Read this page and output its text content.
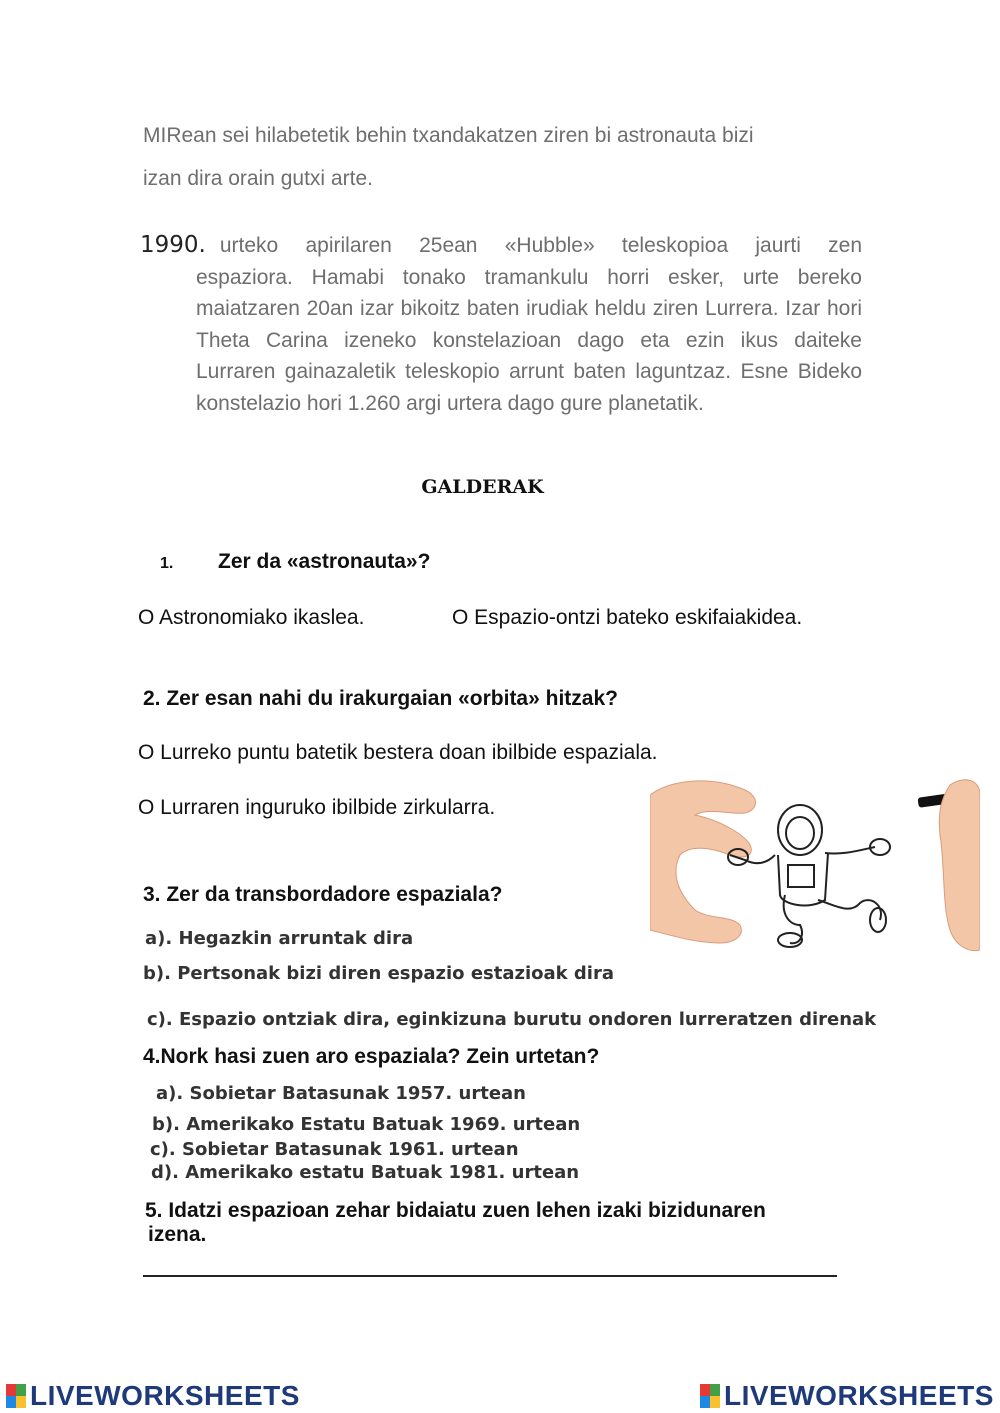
MIRean sei hilabetetik behin txandakatzen ziren bi astronauta bizi
izan dira orain gutxi arte.
1990. urteko apirilaren 25ean «Hubble» teleskopioa jaurti zen
espaziora. Hamabi tonako tramankulu horri esker, urte bereko maiatzaren 20an izar bikoitz baten irudiak heldu ziren Lurrera. Izar hori Theta Carina izeneko konstelazioan dago eta ezin ikus daiteke Lurraren gainazaletik teleskopio arrunt baten laguntzaz. Esne Bideko konstelazio hori 1.260 argi urtera dago gure planetatik.
GALDERAK
1. Zer da «astronauta»?
O Astronomiako ikaslea.	O Espazio-ontzi bateko eskifaiakidea.
2. Zer esan nahi du irakurgaian «orbita» hitzak?
O Lurreko puntu batetik bestera doan ibilbide espaziala.
O Lurraren inguruko ibilbide zirkularra.
3. Zer da transbordadore espaziala?
a). Hegazkin arruntak dira
b). Pertsonak bizi diren espazio estazioak dira
c). Espazio ontziak dira, eginkizuna burutu ondoren lurreratzen direnak
4.Nork hasi zuen aro espaziala? Zein urtetan?
a). Sobietar Batasunak 1957. urtean
b). Amerikako Estatu Batuak 1969. urtean
c). Sobietar Batasunak 1961. urtean
d). Amerikako estatu Batuak 1981. urtean
5. Idatzi espazioan zehar bidaiatu zuen lehen izaki bizidunaren
izena.
LIVEWORKSHEETS	LIVEWORKSHEETS
